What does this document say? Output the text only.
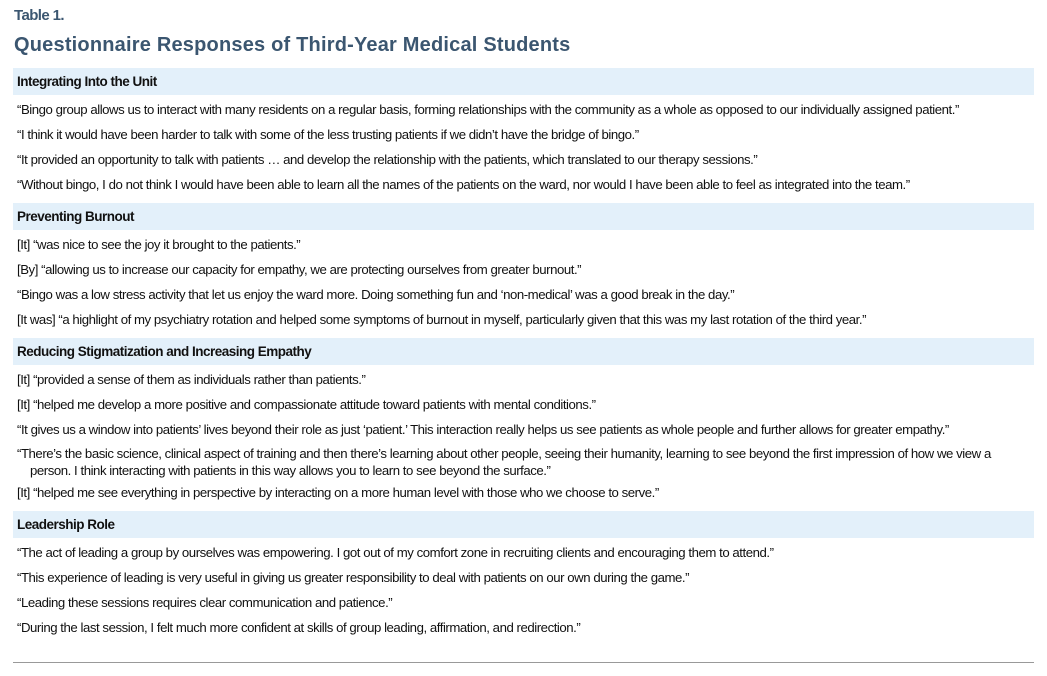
Table 1.
Questionnaire Responses of Third-Year Medical Students
Integrating Into the Unit
“Bingo group allows us to interact with many residents on a regular basis, forming relationships with the community as a whole as opposed to our individually assigned patient.”
“I think it would have been harder to talk with some of the less trusting patients if we didn’t have the bridge of bingo.”
“It provided an opportunity to talk with patients … and develop the relationship with the patients, which translated to our therapy sessions.”
“Without bingo, I do not think I would have been able to learn all the names of the patients on the ward, nor would I have been able to feel as integrated into the team.”
Preventing Burnout
[It] “was nice to see the joy it brought to the patients.”
[By] “allowing us to increase our capacity for empathy, we are protecting ourselves from greater burnout.”
“Bingo was a low stress activity that let us enjoy the ward more. Doing something fun and ‘non-medical’ was a good break in the day.”
[It was] “a highlight of my psychiatry rotation and helped some symptoms of burnout in myself, particularly given that this was my last rotation of the third year.”
Reducing Stigmatization and Increasing Empathy
[It] “provided a sense of them as individuals rather than patients.”
[It] “helped me develop a more positive and compassionate attitude toward patients with mental conditions.”
“It gives us a window into patients’ lives beyond their role as just ‘patient.’ This interaction really helps us see patients as whole people and further allows for greater empathy.”
“There’s the basic science, clinical aspect of training and then there’s learning about other people, seeing their humanity, learning to see beyond the first impression of how we view a person. I think interacting with patients in this way allows you to learn to see beyond the surface.”
[It] “helped me see everything in perspective by interacting on a more human level with those who we choose to serve.”
Leadership Role
“The act of leading a group by ourselves was empowering. I got out of my comfort zone in recruiting clients and encouraging them to attend.”
“This experience of leading is very useful in giving us greater responsibility to deal with patients on our own during the game.”
“Leading these sessions requires clear communication and patience.”
“During the last session, I felt much more confident at skills of group leading, affirmation, and redirection.”
